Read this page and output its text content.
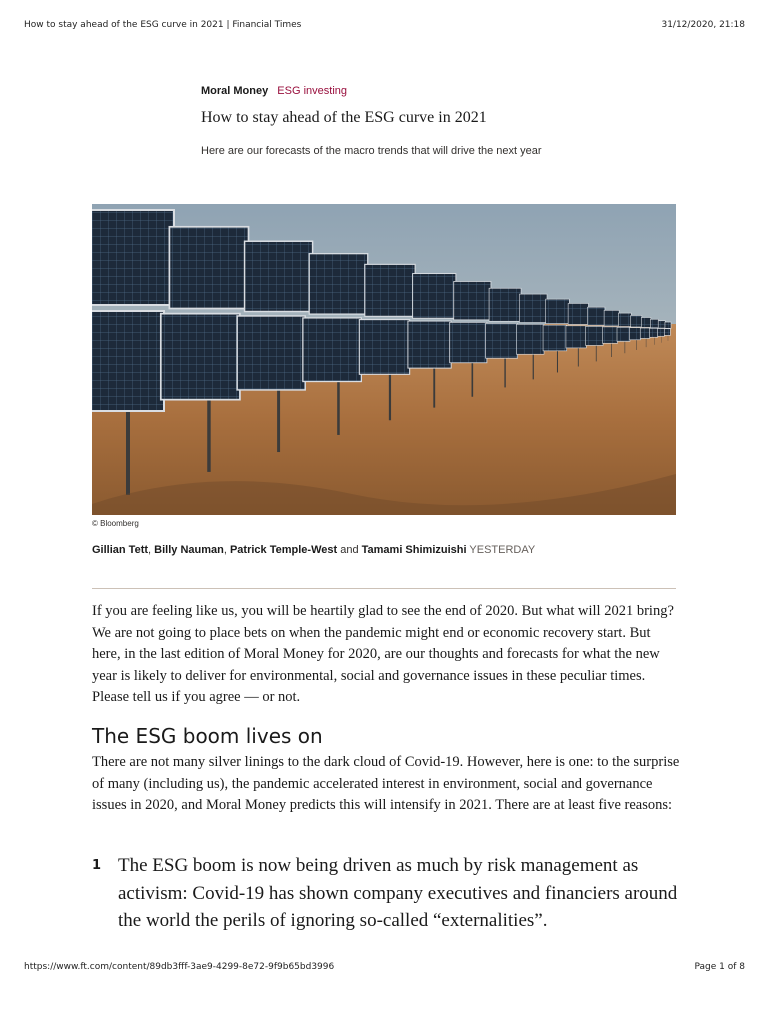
How to stay ahead of the ESG curve in 2021 | Financial Times	31/12/2020, 21:18
Moral Money ESG investing
How to stay ahead of the ESG curve in 2021
Here are our forecasts of the macro trends that will drive the next year
© Bloomberg
Gillian Tett, Billy Nauman, Patrick Temple-West and Tamami Shimizuishi YESTERDAY

If you are feeling like us, you will be heartily glad to see the end of 2020. But what will 2021 bring? We are not going to place bets on when the pandemic might end or economic recovery start. But here, in the last edition of Moral Money for 2020, are our thoughts and forecasts for what the new year is likely to deliver for environmental, social and governance issues in these peculiar times. Please tell us if you agree — or not.

The ESG boom lives on

There are not many silver linings to the dark cloud of Covid-19. However, here is one: to the surprise of many (including us), the pandemic accelerated interest in environment, social and governance issues in 2020, and Moral Money predicts this will intensify in 2021. There are at least five reasons:

1 The ESG boom is now being driven as much by risk management as activism: Covid-19 has shown company executives and financiers around the world the perils of ignoring so-called “externalities”.

https://www.ft.com/content/89db3fff-3ae9-4299-8e72-9f9b65bd3996	Page 1 of 8
